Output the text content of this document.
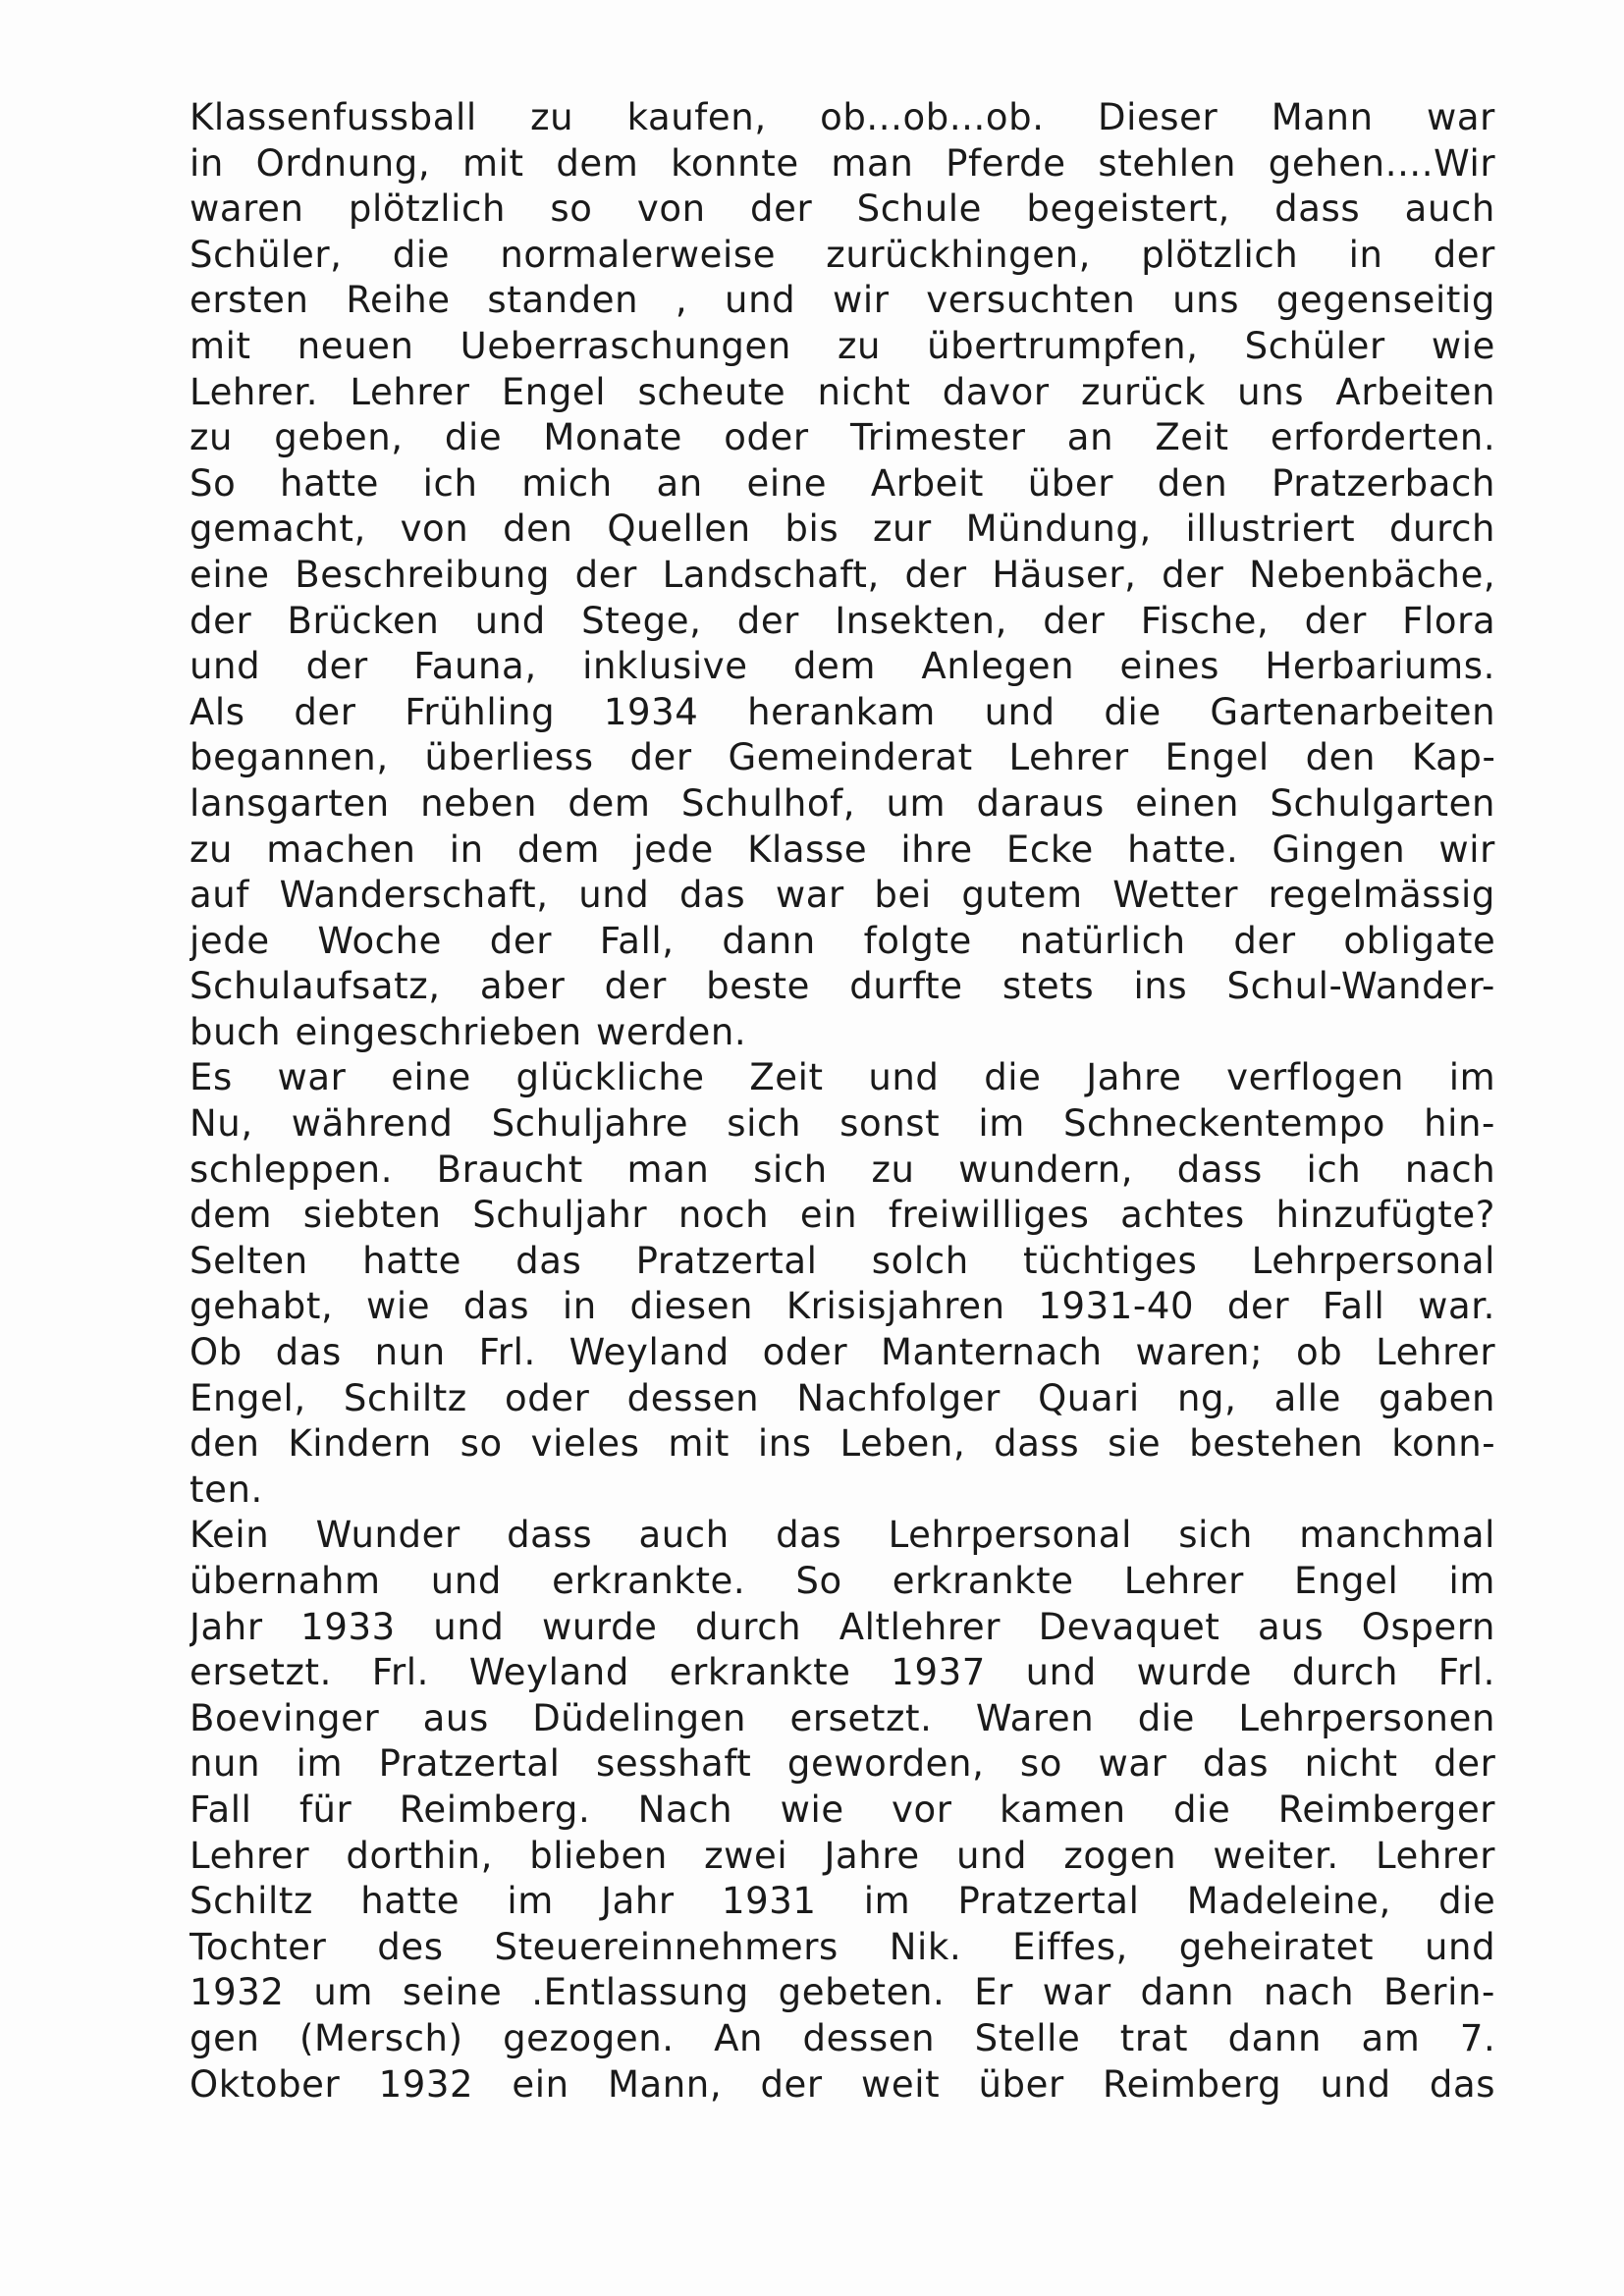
Klassenfussball zu kaufen, ob...ob...ob. Dieser Mann war
in Ordnung, mit dem konnte man Pferde stehlen gehen....Wir
waren plötzlich so von der Schule begeistert, dass auch
Schüler, die normalerweise zurückhingen, plötzlich in der
ersten Reihe standen , und wir versuchten uns gegenseitig
mit neuen Ueberraschungen zu übertrumpfen, Schüler wie
Lehrer. Lehrer Engel scheute nicht davor zurück uns Arbeiten
zu geben, die Monate oder Trimester an Zeit erforderten.
So hatte ich mich an eine Arbeit über den Pratzerbach
gemacht, von den Quellen bis zur Mündung, illustriert durch
eine Beschreibung der Landschaft, der Häuser, der Nebenbäche,
der Brücken und Stege, der Insekten, der Fische, der Flora
und der Fauna, inklusive dem Anlegen eines Herbariums.
Als der Frühling 1934 herankam und die Gartenarbeiten
begannen, überliess der Gemeinderat Lehrer Engel den Kap-
lansgarten neben dem Schulhof, um daraus einen Schulgarten
zu machen in dem jede Klasse ihre Ecke hatte. Gingen wir
auf Wanderschaft, und das war bei gutem Wetter regelmässig
jede Woche der Fall, dann folgte natürlich der obligate
Schulaufsatz, aber der beste durfte stets ins Schul-Wander-
buch eingeschrieben werden.
Es war eine glückliche Zeit und die Jahre verflogen im
Nu, während Schuljahre sich sonst im Schneckentempo hin-
schleppen. Braucht man sich zu wundern, dass ich nach
dem siebten Schuljahr noch ein freiwilliges achtes hinzufügte?
Selten hatte das Pratzertal solch tüchtiges Lehrpersonal
gehabt, wie das in diesen Krisisjahren 1931-40 der Fall war.
Ob das nun Frl. Weyland oder Manternach waren; ob Lehrer
Engel, Schiltz oder dessen Nachfolger Quari ng, alle gaben
den Kindern so vieles mit ins Leben, dass sie bestehen konn-
ten.
Kein Wunder dass auch das Lehrpersonal sich manchmal
übernahm und erkrankte. So erkrankte Lehrer Engel im
Jahr 1933 und wurde durch Altlehrer Devaquet aus Ospern
ersetzt. Frl. Weyland erkrankte 1937 und wurde durch Frl.
Boevinger aus Düdelingen ersetzt. Waren die Lehrpersonen
nun im Pratzertal sesshaft geworden, so war das nicht der
Fall für Reimberg. Nach wie vor kamen die Reimberger
Lehrer dorthin, blieben zwei Jahre und zogen weiter. Lehrer
Schiltz hatte im Jahr 1931 im Pratzertal Madeleine, die
Tochter des Steuereinnehmers Nik. Eiffes, geheiratet und
1932 um seine .Entlassung gebeten. Er war dann nach Berin-
gen (Mersch) gezogen. An dessen Stelle trat dann am 7.
Oktober 1932 ein Mann, der weit über Reimberg und das
